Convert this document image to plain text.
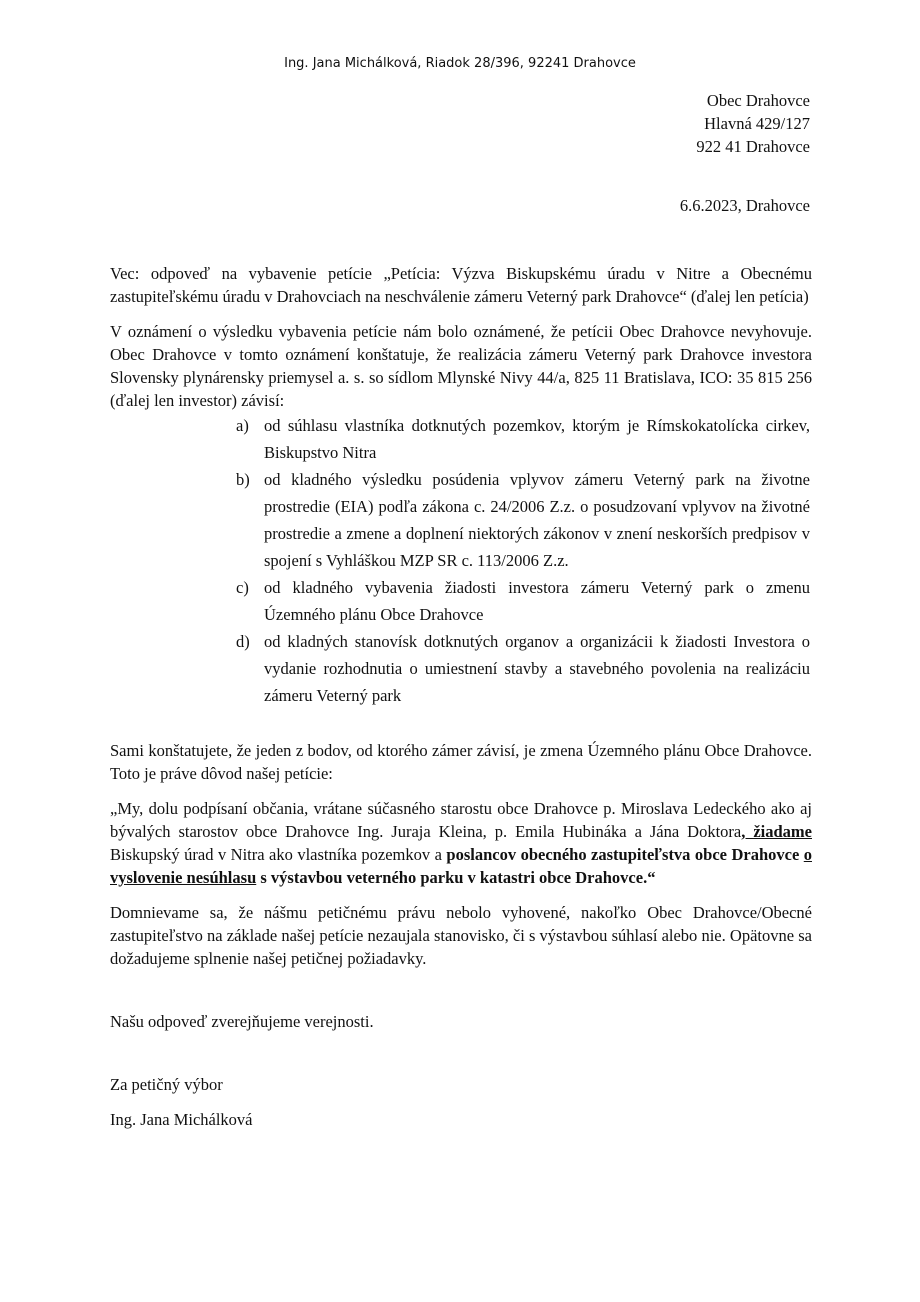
Ing. Jana Michálková, Riadok 28/396, 92241 Drahovce
Obec Drahovce
Hlavná 429/127
922 41 Drahovce
6.6.2023, Drahovce

Vec: odpoveď na vybavenie petície „Petícia: Výzva Biskupskému úradu v Nitre a Obecnému zastupiteľskému úradu v Drahovciach na neschválenie zámeru Veterný park Drahovce“ (ďalej len petícia)

V oznámení o výsledku vybavenia petície nám bolo oznámené, že petícii Obec Drahovce nevyhovuje. Obec Drahovce v tomto oznámení konštatuje, že realizácia zámeru Veterný park Drahovce investora Slovensky plynárensky priemysel a. s. so sídlom Mlynské Nivy 44/a, 825 11 Bratislava, ICO: 35 815 256 (ďalej len investor) závisí:

a) od súhlasu vlastníka dotknutých pozemkov, ktorým je Rímskokatolícka cirkev, Biskupstvo Nitra
b) od kladného výsledku posúdenia vplyvov zámeru Veterný park na životne prostredie (EIA) podľa zákona c. 24/2006 Z.z. o posudzovaní vplyvov na životné prostredie a zmene a doplnení niektorých zákonov v znení neskorších predpisov v spojení s Vyhláškou MZP SR c. 113/2006 Z.z.
c) od kladného vybavenia žiadosti investora zámeru Veterný park o zmenu Územného plánu Obce Drahovce
d) od kladných stanovísk dotknutých organov a organizácii k žiadosti Investora o vydanie rozhodnutia o umiestnení stavby a stavebného povolenia na realizáciu zámeru Veterný park

Sami konštatujete, že jeden z bodov, od ktorého zámer závisí, je zmena Územného plánu Obce Drahovce. Toto je práve dôvod našej petície:

„My, dolu podpísaní občania, vrátane súčasného starostu obce Drahovce p. Miroslava Ledeckého ako aj bývalých starostov obce Drahovce Ing. Juraja Kleina, p. Emila Hubináka a Jána Doktora, žiadame Biskupský úrad v Nitra ako vlastníka pozemkov a poslancov obecného zastupiteľstva obce Drahovce o vyslovenie nesúhlasu s výstavbou veterného parku v katastri obce Drahovce.“

Domnievame sa, že nášmu petičnému právu nebolo vyhovené, nakoľko Obec Drahovce/Obecné zastupiteľstvo na základe našej petície nezaujala stanovisko, či s výstavbou súhlasí alebo nie. Opätovne sa dožadujeme splnenie našej petičnej požiadavky.

Našu odpoveď zverejňujeme verejnosti.

Za petičný výbor

Ing. Jana Michálková
